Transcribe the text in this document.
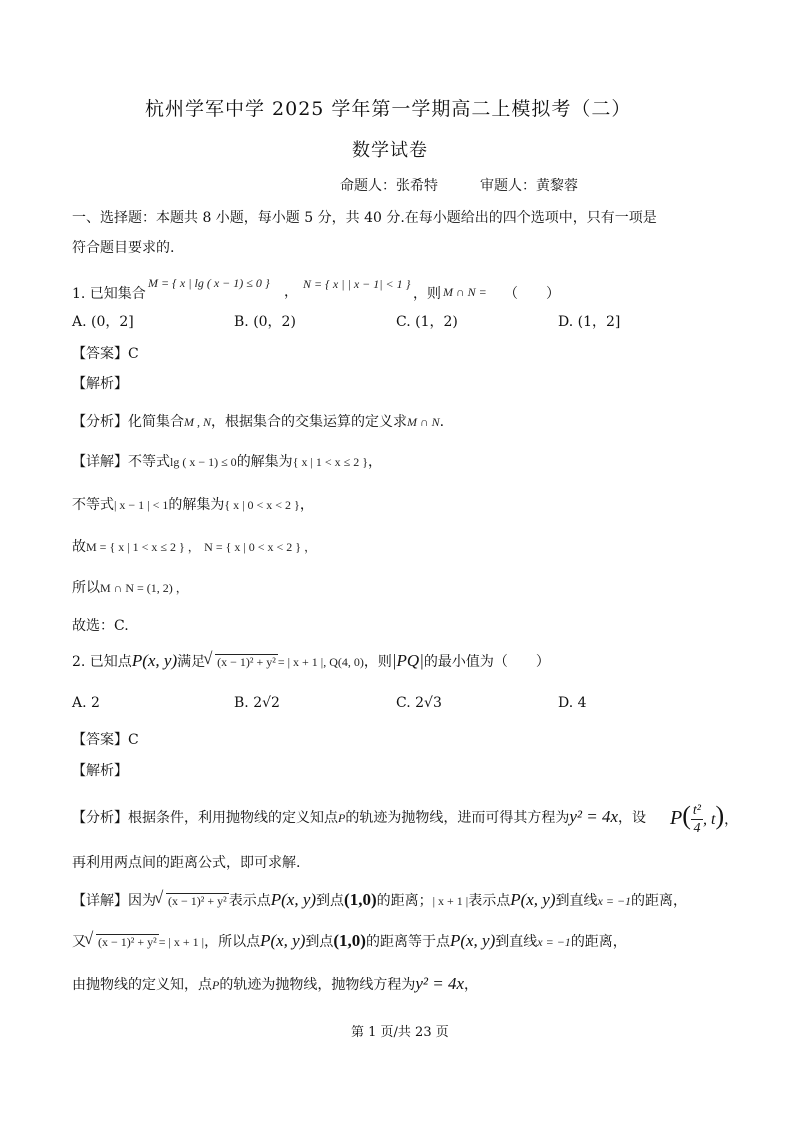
杭州学军中学 2025 学年第一学期高二上模拟考（二）
数学试卷
命题人：张希特　　　审题人：黄黎蓉
一、选择题：本题共 8 小题，每小题 5 分，共 40 分.在每小题给出的四个选项中，只有一项是
符合题目要求的.
1. 已知集合
M = { x | lg ( x − 1) ≤ 0 }
， N = { x | | x − 1| < 1 }
，则 M ∩ N = （　　）
A. (0，2]	B. (0，2)	C. (1，2)	D. (1，2]
【答案】C
【解析】
【分析】化简集合M , N，根据集合的交集运算的定义求M ∩ N.
【详解】不等式lg ( x − 1) ≤ 0的解集为{ x | 1 < x ≤ 2 }，
不等式| x − 1 | < 1的解集为{ x | 0 < x < 2 }，
故M = { x | 1 < x ≤ 2 } ， N = { x | 0 < x < 2 } ，
所以M ∩ N = (1, 2) ，
故选：C.
2. 已知点P(x, y)满足 √ (x − 1)² + y² = | x + 1 |, Q(4, 0)，则|PQ|的最小值为（　　）
A. 2	B. 2√2	C. 2√3	D. 4
【答案】C
【解析】
【分析】根据条件，利用抛物线的定义知点P的轨迹为抛物线，进而可得其方程为y² = 4x，设 $P( \frac{\text{t²}}{4}$ , t)，
再利用两点间的距离公式，即可求解.
【详解】因为 √ (x − 1)² + y² 表示点P(x, y)到点(1,0)的距离；| x + 1 |表示点P(x, y)到直线x = −1的距离，
又 √ (x − 1)² + y² = | x + 1 |，所以点P(x, y)到点(1,0)的距离等于点P(x, y)到直线x = −1的距离，
由抛物线的定义知，点P的轨迹为抛物线，抛物线方程为y² = 4x，
第 1 页/共 23 页
